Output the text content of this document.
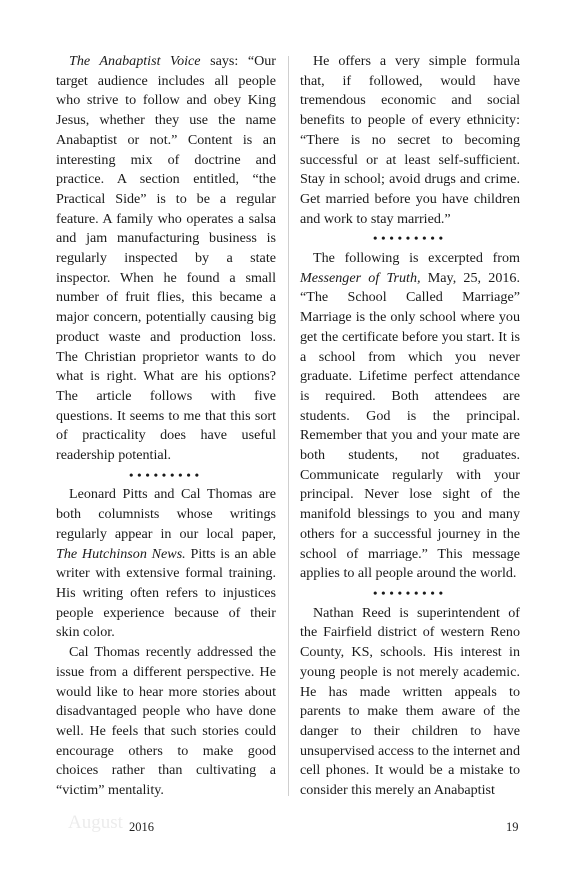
The Anabaptist Voice says: “Our target audience includes all people who strive to follow and obey King Jesus, whether they use the name Anabaptist or not.” Content is an interesting mix of doctrine and practice. A section entitled, “the Practical Side” is to be a regular feature. A family who operates a salsa and jam manufacturing business is regularly inspected by a state inspector. When he found a small number of fruit flies, this became a major concern, potentially causing big product waste and production loss. The Christian proprietor wants to do what is right. What are his options? The article follows with five questions. It seems to me that this sort of practicality does have useful readership potential.

•••••••••

Leonard Pitts and Cal Thomas are both columnists whose writings regularly appear in our local paper, The Hutchinson News. Pitts is an able writer with extensive formal training. His writing often refers to injustices people experience because of their skin color.

Cal Thomas recently addressed the issue from a different perspective. He would like to hear more stories about disadvantaged people who have done well. He feels that such stories could encourage others to make good choices rather than cultivating a “victim” mentality.

He offers a very simple formula that, if followed, would have tremendous economic and social benefits to people of every ethnicity: “There is no secret to becoming successful or at least self-sufficient. Stay in school; avoid drugs and crime. Get married before you have children and work to stay married.”

•••••••••

The following is excerpted from Messenger of Truth, May, 25, 2016. “The School Called Marriage” Marriage is the only school where you get the certificate before you start. It is a school from which you never graduate. Lifetime perfect attendance is required. Both attendees are students. God is the principal. Remember that you and your mate are both students, not graduates. Communicate regularly with your principal. Never lose sight of the manifold blessings to you and many others for a successful journey in the school of marriage.” This message applies to all people around the world.

•••••••••

Nathan Reed is superintendent of the Fairfield district of western Reno County, KS, schools. His interest in young people is not merely academic. He has made written appeals to parents to make them aware of the danger to their children to have unsupervised access to the internet and cell phones. It would be a mistake to consider this merely an Anabaptist

August 2016	19
